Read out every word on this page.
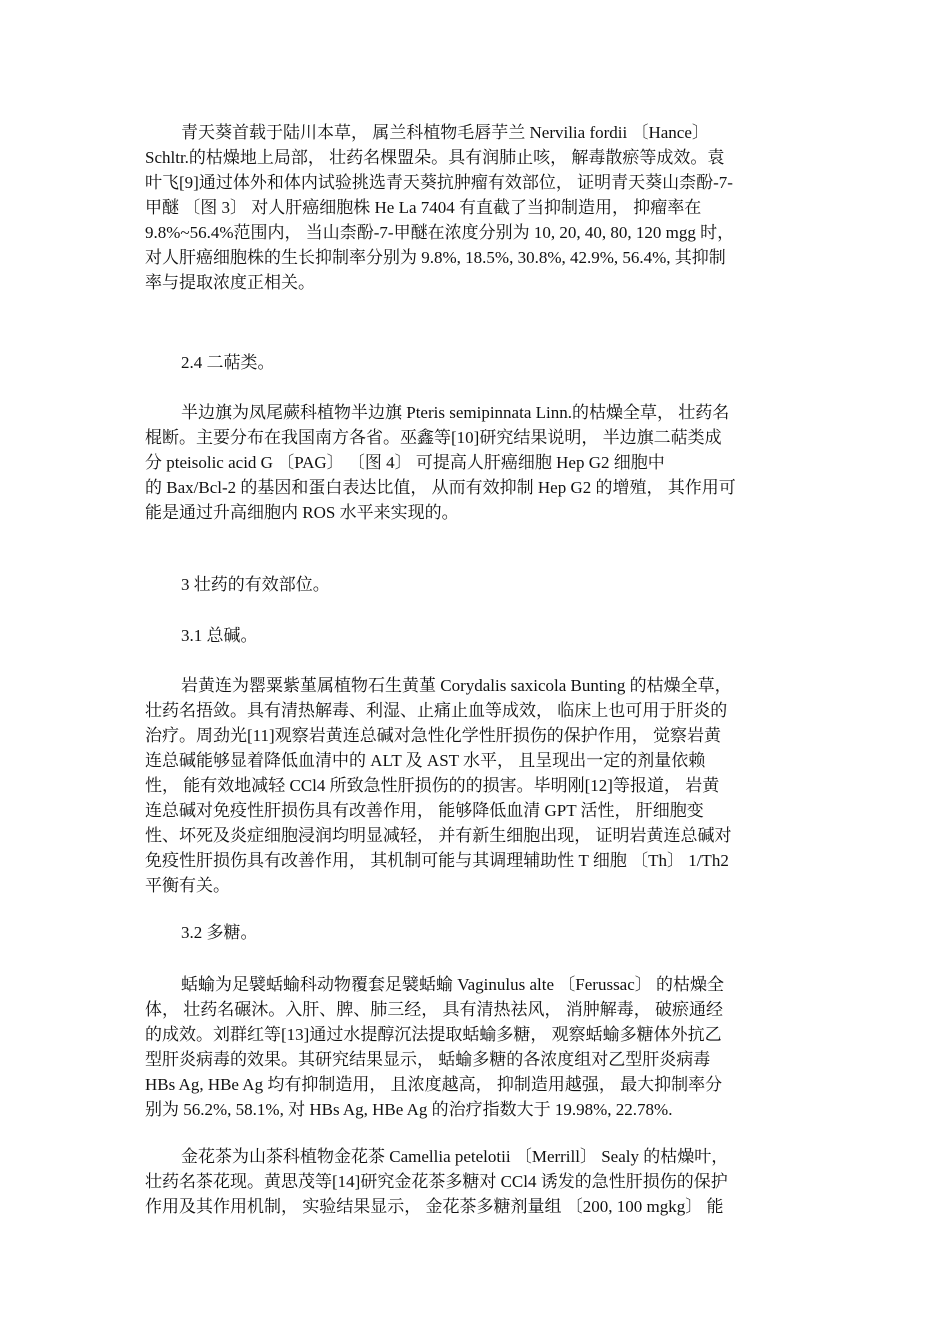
青天葵首载于陆川本草， 属兰科植物毛唇芋兰 Nervilia fordii 〔Hance〕
Schltr.的枯燥地上局部， 壮药名棵盟朵。具有润肺止咳， 解毒散瘀等成效。袁
叶飞[9]通过体外和体内试验挑选青天葵抗肿瘤有效部位， 证明青天葵山柰酚-7-
甲醚 〔图 3〕 对人肝癌细胞株 He La 7404 有直截了当抑制造用， 抑瘤率在
9.8%~56.4%范围内， 当山柰酚-7-甲醚在浓度分别为 10, 20, 40, 80, 120 mgg 时，
对人肝癌细胞株的生长抑制率分别为 9.8%, 18.5%, 30.8%, 42.9%, 56.4%, 其抑制
率与提取浓度正相关。
2.4 二萜类。
半边旗为凤尾蕨科植物半边旗 Pteris semipinnata Linn.的枯燥全草， 壮药名
棍断。主要分布在我国南方各省。巫鑫等[10]研究结果说明， 半边旗二萜类成
分 pteisolic acid G 〔PAG〕 〔图 4〕 可提高人肝癌细胞 Hep G2 细胞中
的 Bax/Bcl-2 的基因和蛋白表达比值， 从而有效抑制 Hep G2 的增殖， 其作用可
能是通过升高细胞内 ROS 水平来实现的。
3 壮药的有效部位。
3.1 总碱。
岩黄连为罂粟紫堇属植物石生黄堇 Corydalis saxicola Bunting 的枯燥全草，
壮药名捂敛。具有清热解毒、利湿、止痛止血等成效， 临床上也可用于肝炎的
治疗。周劲光[11]观察岩黄连总碱对急性化学性肝损伤的保护作用， 觉察岩黄
连总碱能够显着降低血清中的 ALT 及 AST 水平， 且呈现出一定的剂量依赖
性， 能有效地减轻 CCl4 所致急性肝损伤的的损害。毕明刚[12]等报道， 岩黄
连总碱对免疫性肝损伤具有改善作用， 能够降低血清 GPT 活性， 肝细胞变
性、坏死及炎症细胞浸润均明显减轻， 并有新生细胞出现， 证明岩黄连总碱对
免疫性肝损伤具有改善作用， 其机制可能与其调理辅助性 T 细胞 〔Th〕 1/Th2
平衡有关。
3.2 多糖。
蛞蝓为足襞蛞蝓科动物覆套足襞蛞蝓 Vaginulus alte 〔Ferussac〕 的枯燥全
体， 壮药名碾沐。入肝、脾、肺三经， 具有清热祛风， 消肿解毒， 破瘀通经
的成效。刘群红等[13]通过水提醇沉法提取蛞蝓多糖， 观察蛞蝓多糖体外抗乙
型肝炎病毒的效果。其研究结果显示， 蛞蝓多糖的各浓度组对乙型肝炎病毒
HBs Ag, HBe Ag 均有抑制造用， 且浓度越高， 抑制造用越强， 最大抑制率分
别为 56.2%, 58.1%, 对 HBs Ag, HBe Ag 的治疗指数大于 19.98%, 22.78%.
金花茶为山茶科植物金花茶 Camellia petelotii 〔Merrill〕 Sealy 的枯燥叶，
壮药名茶花现。黄思茂等[14]研究金花茶多糖对 CCl4 诱发的急性肝损伤的保护
作用及其作用机制， 实验结果显示， 金花茶多糖剂量组 〔200, 100 mgkg〕 能
